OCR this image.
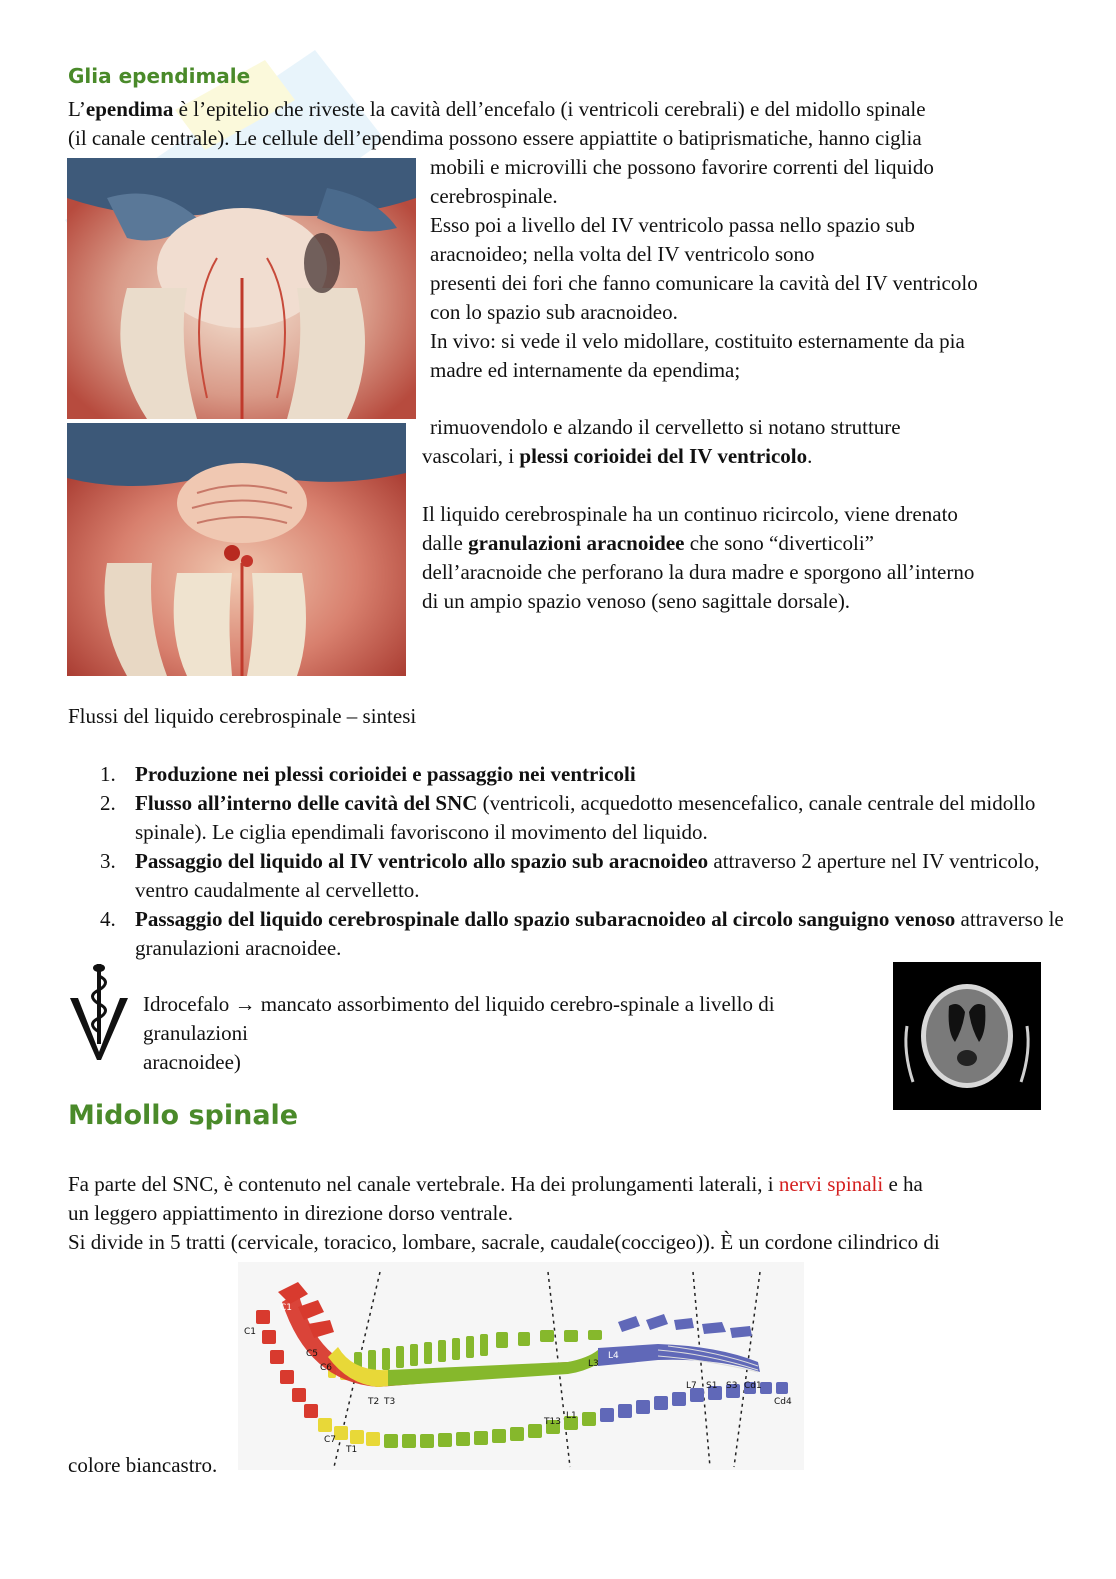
Glia ependimale
L’ependima è l’epitelio che riveste la cavità dell’encefalo (i ventricoli cerebrali) e del midollo spinale
(il canale centrale). Le cellule dell’ependima possono essere appiattite o batiprismatiche, hanno ciglia
mobili e microvilli che possono favorire correnti del liquido
cerebrospinale.
Esso poi a livello del IV ventricolo passa nello spazio sub
aracnoideo; nella volta del IV ventricolo sono
presenti dei fori che fanno comunicare la cavità del IV ventricolo
con lo spazio sub aracnoideo.
In vivo: si vede il velo midollare, costituito esternamente da pia
madre ed internamente da ependima;
rimuovendolo e alzando il cervelletto si notano strutture
vascolari, i plessi corioidei del IV ventricolo.
Il liquido cerebrospinale ha un continuo ricircolo, viene drenato
dalle granulazioni aracnoidee che sono “diverticoli”
dell’aracnoide che perforano la dura madre e sporgono all’interno
di un ampio spazio venoso (seno sagittale dorsale).
Flussi del liquido cerebrospinale – sintesi
1. Produzione nei plessi corioidei e passaggio nei ventricoli
2. Flusso all’interno delle cavità del SNC (ventricoli, acquedotto mesencefalico, canale centrale del midollo spinale). Le ciglia ependimali favoriscono il movimento del liquido.
3. Passaggio del liquido al IV ventricolo allo spazio sub aracnoideo attraverso 2 aperture nel IV ventricolo, ventro caudalmente al cervelletto.
4. Passaggio del liquido cerebrospinale dallo spazio subaracnoideo al circolo sanguigno venoso attraverso le granulazioni aracnoidee.
Idrocefalo → mancato assorbimento del liquido cerebro-spinale a livello di
granulazioni
aracnoidee)
Midollo spinale
Fa parte del SNC, è contenuto nel canale vertebrale. Ha dei prolungamenti laterali, i nervi spinali e ha
un leggero appiattimento in direzione dorso ventrale.
Si divide in 5 tratti (cervicale, toracico, lombare, sacrale, caudale(coccigeo)). È un cordone cilindrico di
C1
C1
C5
C6
C7
T1
T2 T3
T13
L1
L3
L4
L7 S1 S3 Cd1
Cd4
colore biancastro.
